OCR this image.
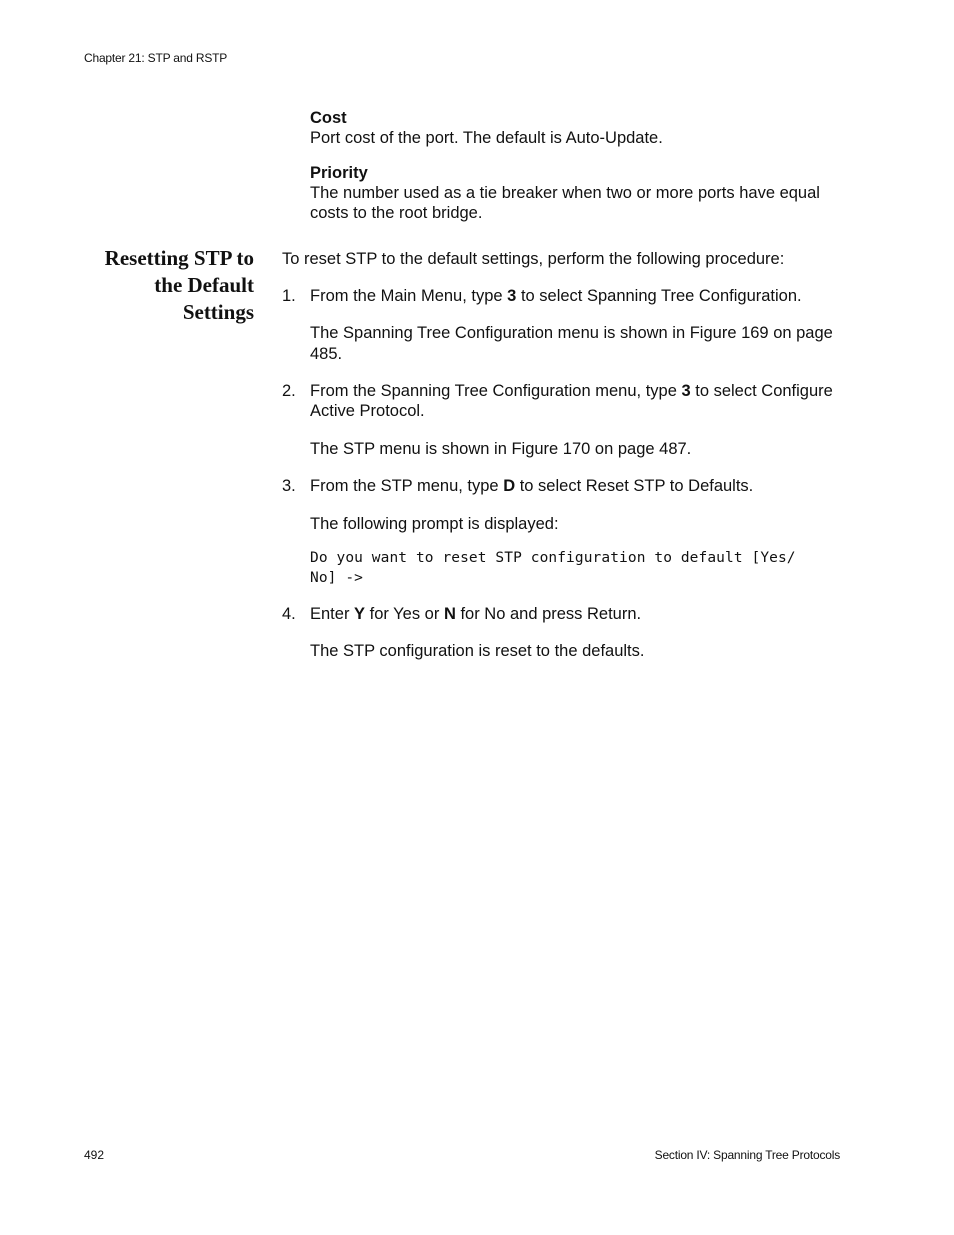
Chapter 21: STP and RSTP
Cost
Port cost of the port. The default is Auto-Update.
Priority
The number used as a tie breaker when two or more ports have equal costs to the root bridge.
Resetting STP to
the Default
Settings
To reset STP to the default settings, perform the following procedure:
1. From the Main Menu, type 3 to select Spanning Tree Configuration.
The Spanning Tree Configuration menu is shown in Figure 169 on page 485.
2. From the Spanning Tree Configuration menu, type 3 to select Configure Active Protocol.
The STP menu is shown in Figure 170 on page 487.
3. From the STP menu, type D to select Reset STP to Defaults.
The following prompt is displayed:
Do you want to reset STP configuration to default [Yes/
No] ->
4. Enter Y for Yes or N for No and press Return.
The STP configuration is reset to the defaults.
492	Section IV: Spanning Tree Protocols
